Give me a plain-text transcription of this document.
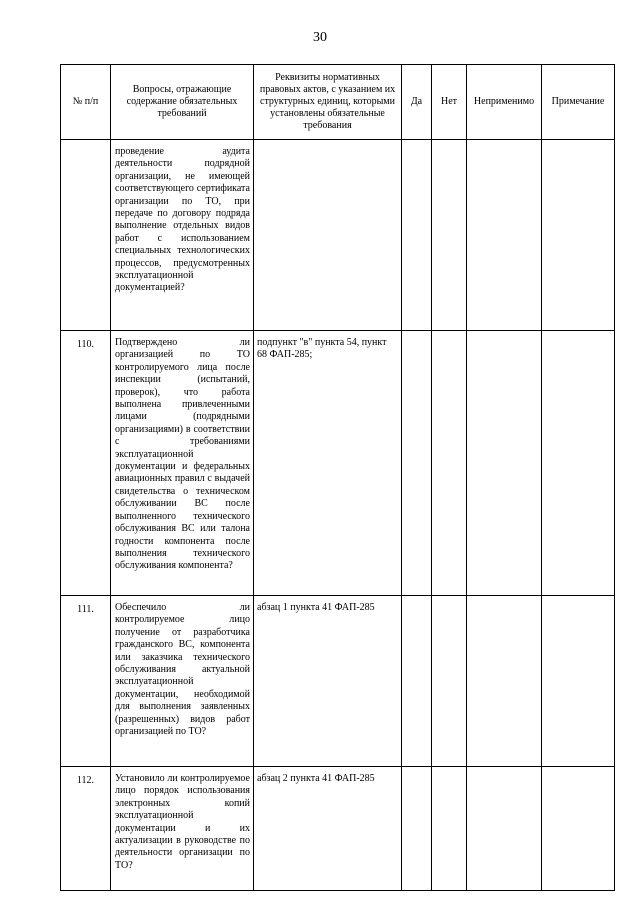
30
№ п/п	Вопросы, отражающие содержание обязательных требований	Реквизиты нормативных правовых актов, с указанием их структурных единиц, которыми установлены обязательные требования	Да	Нет	Неприменимо	Примечание

	проведение аудита деятельности подрядной организации, не имеющей соответствующего сертификата организации по ТО, при передаче по договору подряда выполнение отдельных видов работ с использованием специальных технологических процессов, предусмотренных эксплуатационной документацией?					

110.	Подтверждено ли организацией по ТО контролируемого лица после инспекции (испытаний, проверок), что работа выполнена привлеченными лицами (подрядными организациями) в соответствии с требованиями эксплуатационной документации и федеральных авиационных правил с выдачей свидетельства о техническом обслуживании ВС после выполненного технического обслуживания ВС или талона годности компонента после выполнения технического обслуживания компонента?	подпункт "в" пункта 54, пункт 68 ФАП-285;				
111.	Обеспечило ли контролируемое лицо получение от разработчика гражданского ВС, компонента или заказчика технического обслуживания актуальной эксплуатационной документации, необходимой для выполнения заявленных (разрешенных) видов работ организацией по ТО?	абзац 1 пункта 41 ФАП-285				
112.	Установило ли контролируемое лицо порядок использования электронных копий эксплуатационной документации и их актуализации в руководстве по деятельности организации по ТО?	абзац 2 пункта 41 ФАП-285				
